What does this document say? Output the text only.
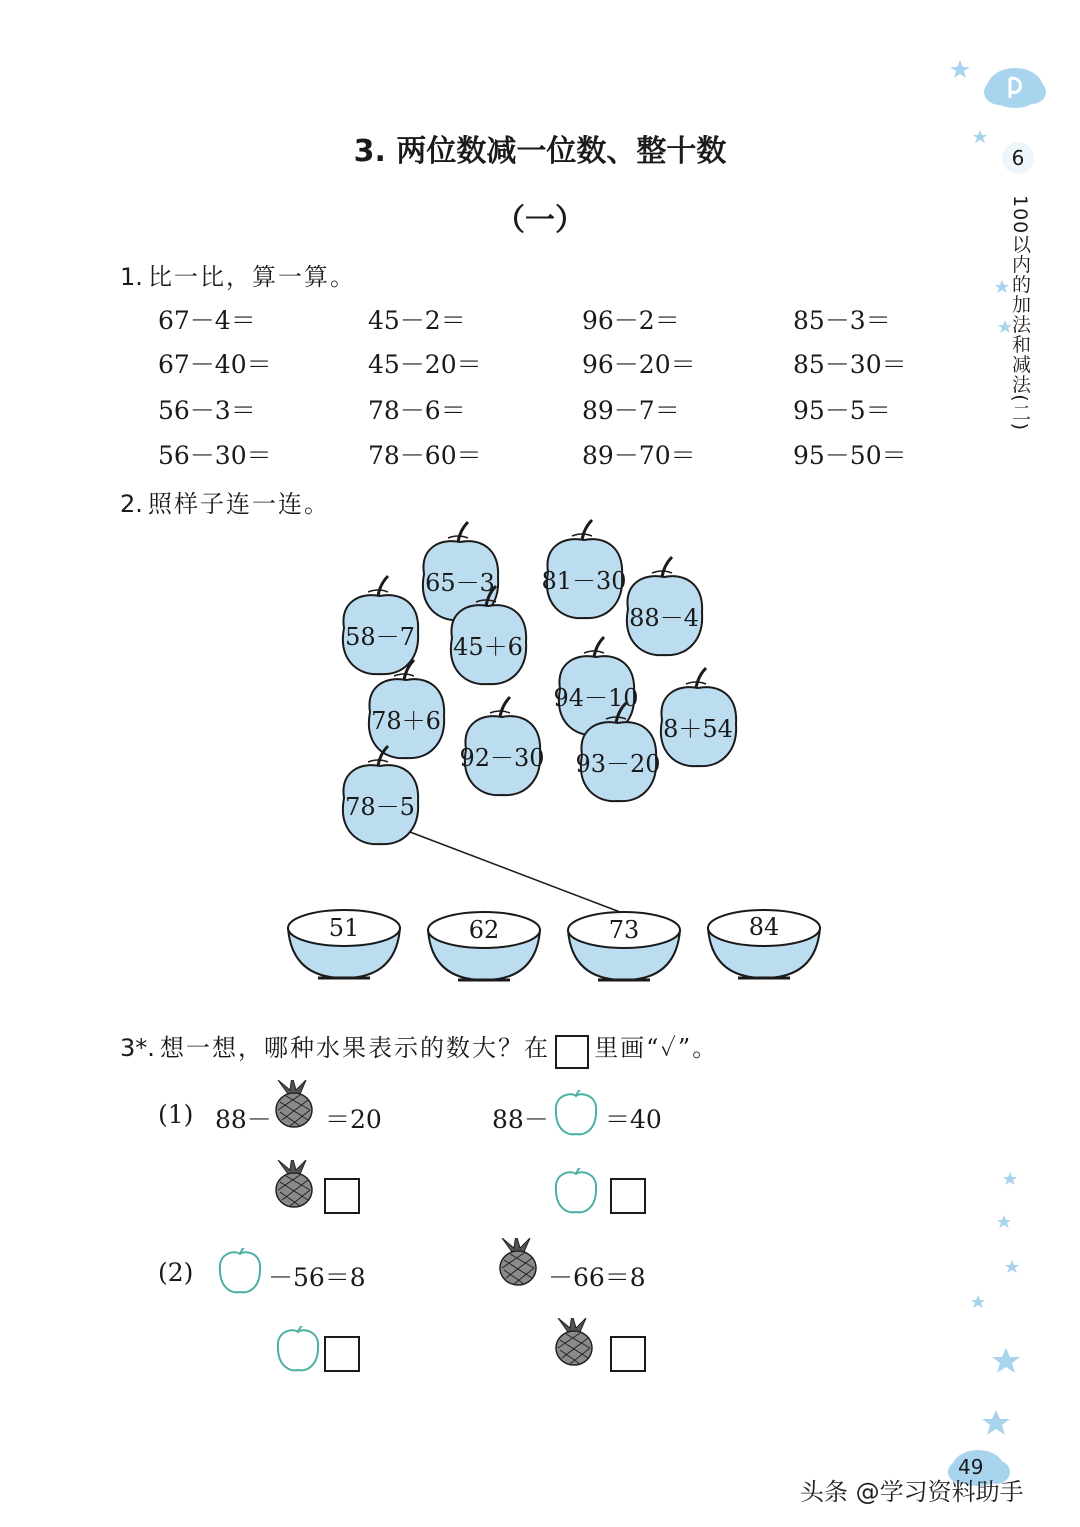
6
100以内的加法和减法(二)
3. 两位数减一位数、整十数
（一）
1. 比一比，算一算。
67－4＝	45－2＝	96－2＝	85－3＝
67－40＝	45－20＝	96－20＝	85－30＝
56－3＝	78－6＝	89－7＝	95－5＝
56－30＝	78－60＝	89－70＝	95－50＝
2. 照样子连一连。
65－3 81－30
88－4
58－7 45＋6
94－10
78＋6
92－30 93－20
8＋54
78－5
51	62	73	84
3*. 想一想，哪种水果表示的数大？在 里画“✓”。
(1) 88－ ＝20	88－ ＝40
(2)	－56＝8	－66＝8
49
头条 @学习资料助手
